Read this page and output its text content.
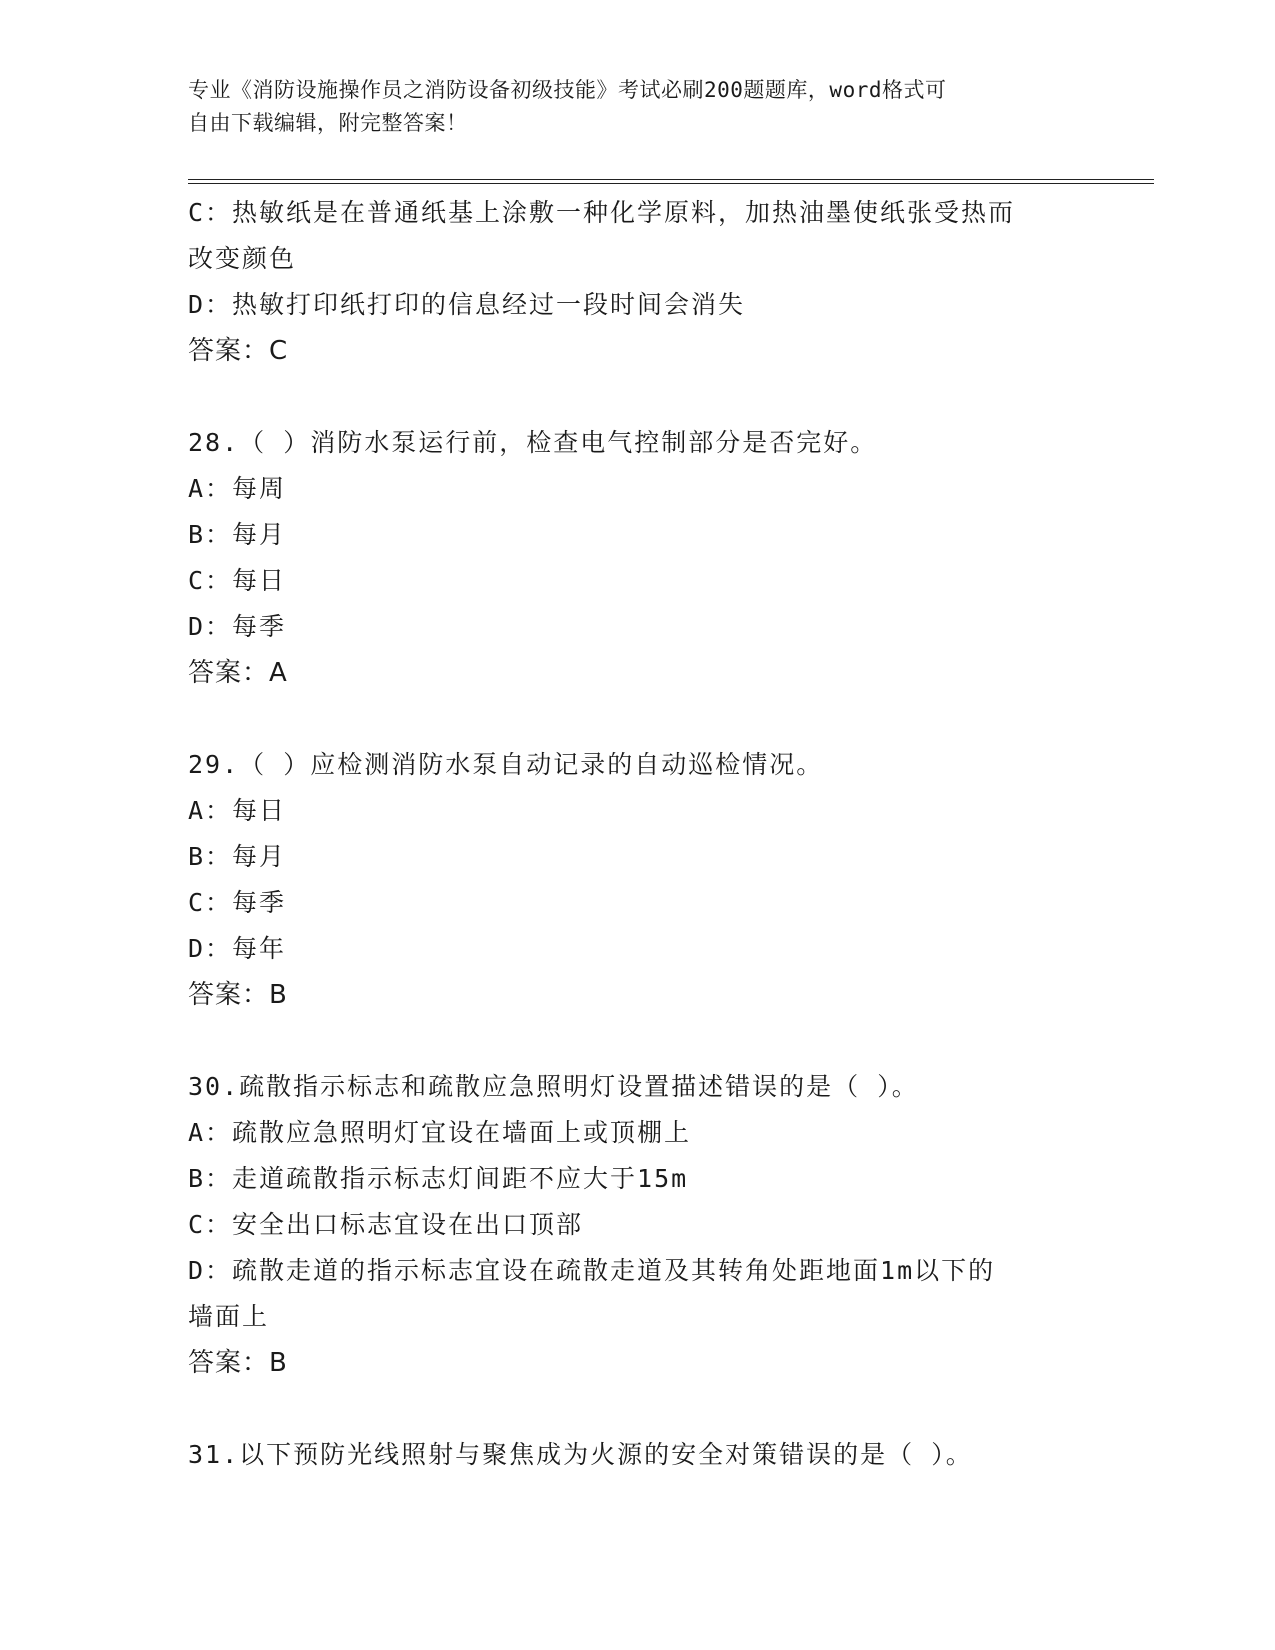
专业《消防设施操作员之消防设备初级技能》考试必刷200题题库，word格式可
自由下载编辑，附完整答案！
C：热敏纸是在普通纸基上涂敷一种化学原料，加热油墨使纸张受热而
改变颜色
D：热敏打印纸打印的信息经过一段时间会消失
答案：C
28.（ ）消防水泵运行前，检查电气控制部分是否完好。
A：每周
B：每月
C：每日
D：每季
答案：A
29.（ ）应检测消防水泵自动记录的自动巡检情况。
A：每日
B：每月
C：每季
D：每年
答案：B
30.疏散指示标志和疏散应急照明灯设置描述错误的是（ ）。
A：疏散应急照明灯宜设在墙面上或顶棚上
B：走道疏散指示标志灯间距不应大于15m
C：安全出口标志宜设在出口顶部
D：疏散走道的指示标志宜设在疏散走道及其转角处距地面1m以下的
墙面上
答案：B
31.以下预防光线照射与聚焦成为火源的安全对策错误的是（ ）。
